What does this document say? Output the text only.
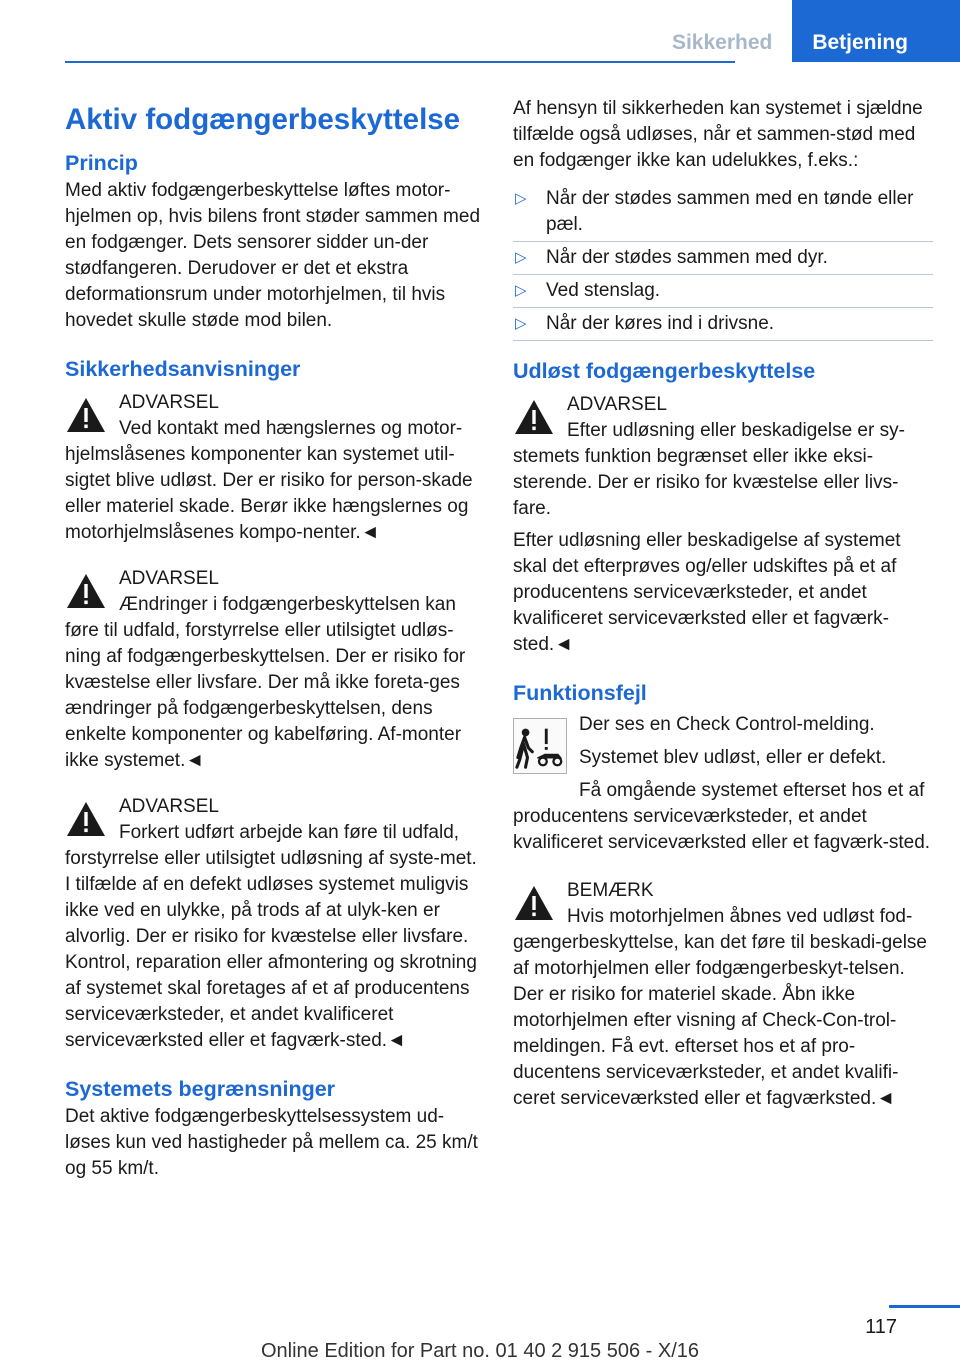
Sikkerhed	Betjening
Aktiv fodgængerbeskyttelse
Princip

Med aktiv fodgængerbeskyttelse løftes motor-hjelmen op, hvis bilens front støder sammen med en fodgænger. Dets sensorer sidder un-der stødfangeren. Derudover er det et ekstra deformationsrum under motorhjelmen, til hvis hovedet skulle støde mod bilen.

Sikkerhedsanvisninger
ADVARSEL

Ved kontakt med hængslernes og motor-hjelmslåsenes komponenter kan systemet util-sigtet blive udløst. Der er risiko for person-skade eller materiel skade. Berør ikke hængslernes og motorhjelmslåsenes kompo-nenter.◄

ADVARSEL

Ændringer i fodgængerbeskyttelsen kan føre til udfald, forstyrrelse eller utilsigtet udløs-ning af fodgængerbeskyttelsen. Der er risiko for kvæstelse eller livsfare. Der må ikke foreta-ges ændringer på fodgængerbeskyttelsen, dens enkelte komponenter og kabelføring. Af-monter ikke systemet.◄

ADVARSEL

Forkert udført arbejde kan føre til udfald, forstyrrelse eller utilsigtet udløsning af syste-met. I tilfælde af en defekt udløses systemet muligvis ikke ved en ulykke, på trods af at ulyk-ken er alvorlig. Der er risiko for kvæstelse eller livsfare. Kontrol, reparation eller afmontering og skrotning af systemet skal foretages af et af producentens serviceværksteder, et andet kvalificeret serviceværksted eller et fagværk-sted.◄

Systemets begrænsninger

Det aktive fodgængerbeskyttelsessystem ud-løses kun ved hastigheder på mellem ca. 25 km/t og 55 km/t.

Af hensyn til sikkerheden kan systemet i sjældne tilfælde også udløses, når et sammen-stød med en fodgænger ikke kan udelukkes, f.eks.:

▷ Når der stødes sammen med en tønde eller pæl.
▷ Når der stødes sammen med dyr.
▷ Ved stenslag.
▷ Når der køres ind i drivsne.
Udløst fodgængerbeskyttelse
ADVARSEL

Efter udløsning eller beskadigelse er sy-stemets funktion begrænset eller ikke eksi-sterende. Der er risiko for kvæstelse eller livs-fare.

Efter udløsning eller beskadigelse af systemet skal det efterprøves og/eller udskiftes på et af producentens serviceværksteder, et andet kvalificeret serviceværksted eller et fagværk-sted.◄

Funktionsfejl

Der ses en Check Control-melding.

Systemet blev udløst, eller er defekt.

Få omgående systemet efterset hos et af producentens serviceværksteder, et andet kvalificeret serviceværksted eller et fagværk-sted.

BEMÆRK

Hvis motorhjelmen åbnes ved udløst fod-gængerbeskyttelse, kan det føre til beskadi-gelse af motorhjelmen eller fodgængerbeskyt-telsen. Der er risiko for materiel skade. Åbn ikke motorhjelmen efter visning af Check-Con-trol-meldingen. Få evt. efterset hos et af pro-ducentens serviceværksteder, et andet kvalifi-ceret serviceværksted eller et fagværksted.◄

117
Online Edition for Part no. 01 40 2 915 506 - X/16
